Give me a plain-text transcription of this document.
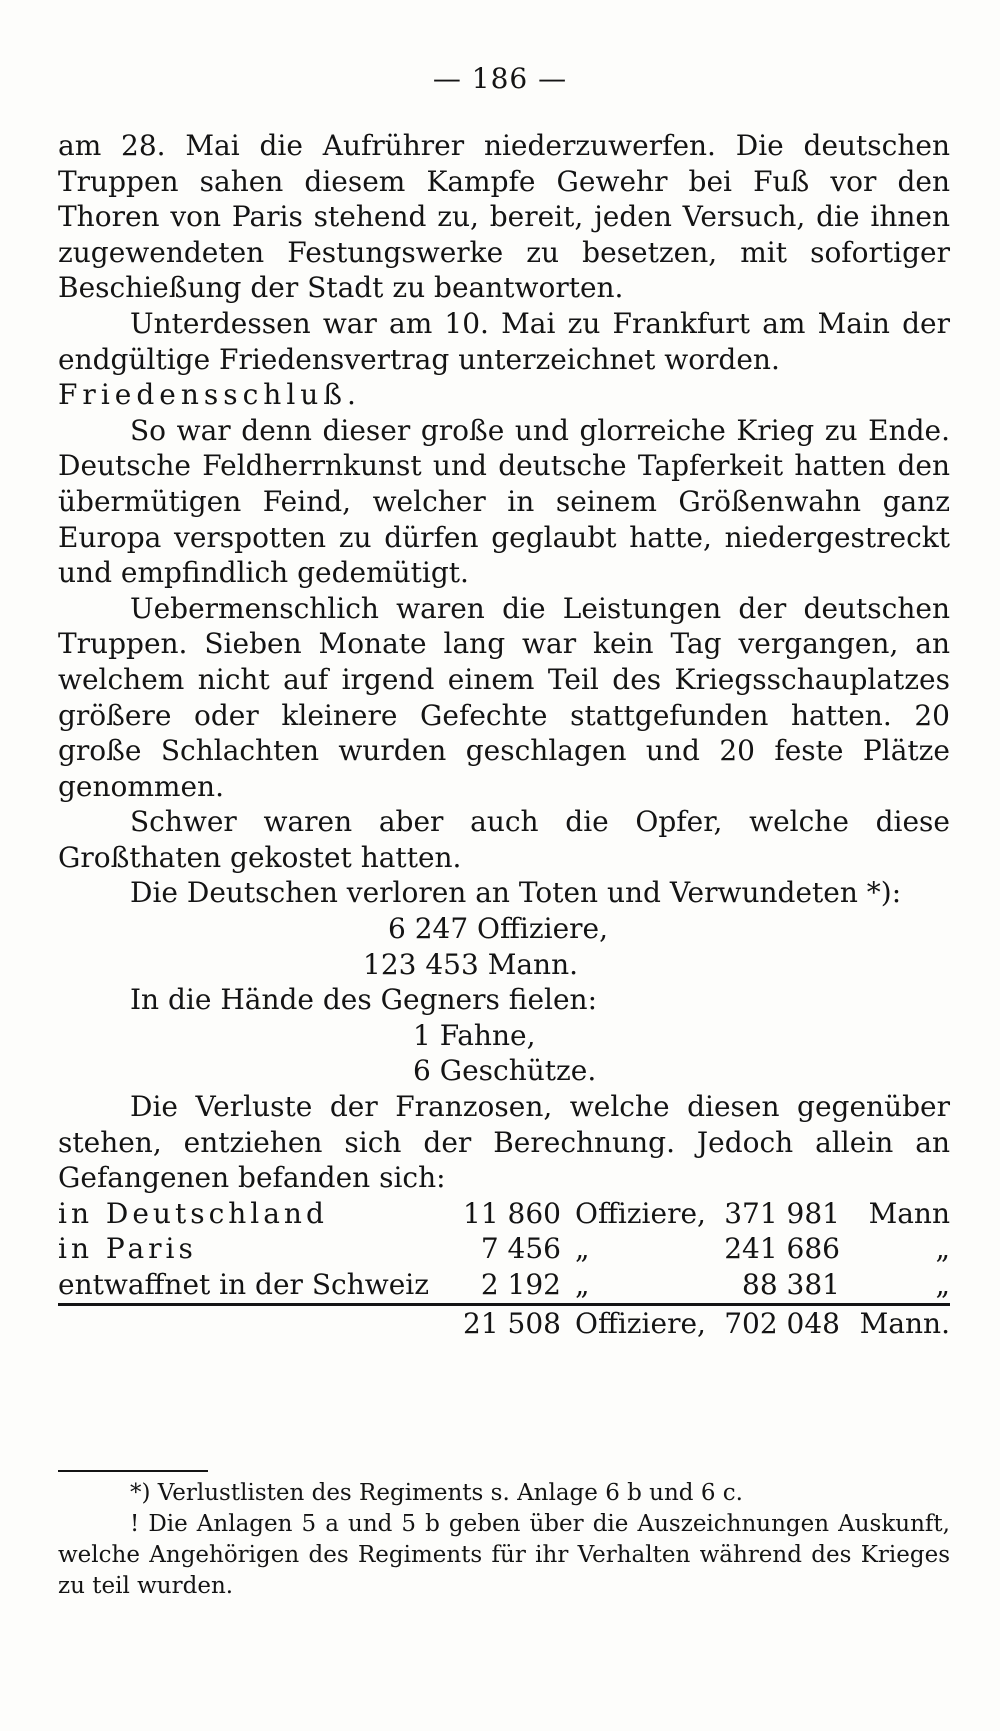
— 186 —

am 28. Mai die Aufrührer niederzuwerfen. Die deutschen Truppen sahen diesem Kampfe Gewehr bei Fuß vor den Thoren von Paris stehend zu, bereit, jeden Versuch, die ihnen zugewendeten Festungswerke zu besetzen, mit sofortiger Beschießung der Stadt zu beantworten.

Unterdessen war am 10. Mai zu Frankfurt am Main der endgültige Friedensvertrag unterzeichnet worden.

Friedensschluß.

So war denn dieser große und glorreiche Krieg zu Ende. Deutsche Feldherrnkunst und deutsche Tapferkeit hatten den übermütigen Feind, welcher in seinem Größenwahn ganz Europa verspotten zu dürfen geglaubt hatte, niedergestreckt und empfindlich gedemütigt.

Uebermenschlich waren die Leistungen der deutschen Truppen. Sieben Monate lang war kein Tag vergangen, an welchem nicht auf irgend einem Teil des Kriegsschauplatzes größere oder kleinere Gefechte stattgefunden hatten. 20 große Schlachten wurden geschlagen und 20 feste Plätze genommen.

Schwer waren aber auch die Opfer, welche diese Großthaten gekostet hatten.

Die Deutschen verloren an Toten und Verwundeten *):

6 247 Offiziere,

123 453 Mann.

In die Hände des Gegners fielen:

1 Fahne,

6 Geschütze.

Die Verluste der Franzosen, welche diesen gegenüber stehen, entziehen sich der Berechnung. Jedoch allein an Gefangenen befanden sich:

in Deutschland	11 860	Offiziere,	371 981	Mann
in Paris	7 456	„	241 686	„
entwaffnet in der Schweiz	2 192	„	88 381	„
	21 508	Offiziere,	702 048	Mann.

*) Verlustlisten des Regiments s. Anlage 6 b und 6 c.

! Die Anlagen 5 a und 5 b geben über die Auszeichnungen Auskunft, welche Angehörigen des Regiments für ihr Verhalten während des Krieges zu teil wurden.
